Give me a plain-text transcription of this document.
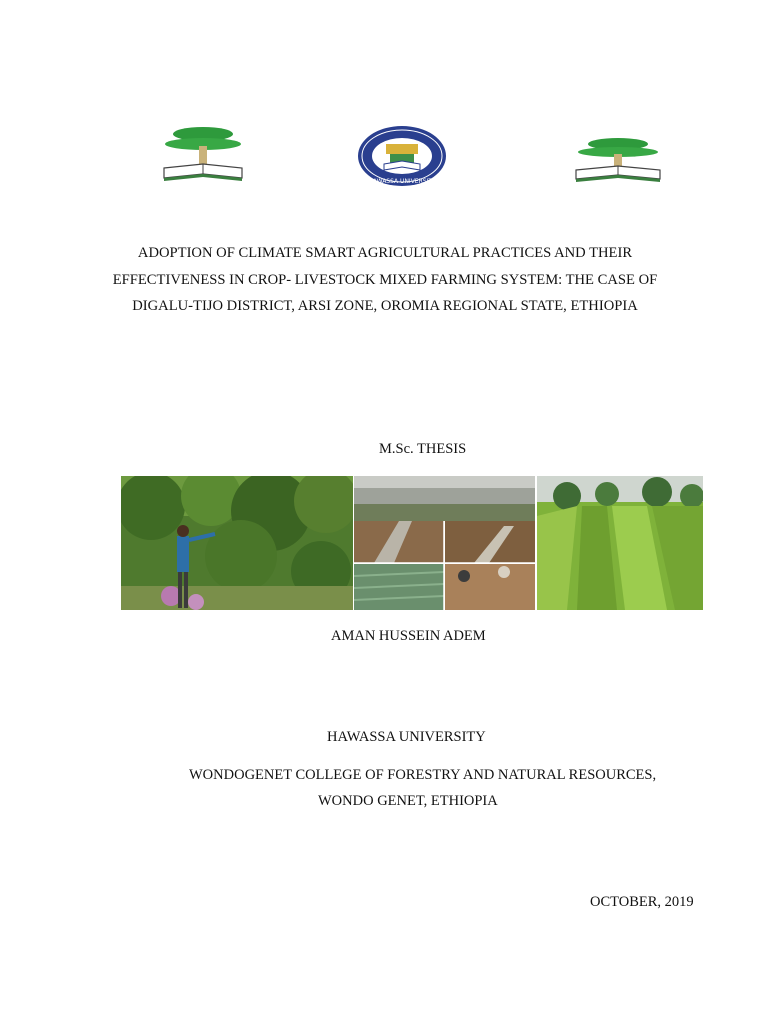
HAWASSA UNIVERSITY
ADOPTION OF CLIMATE SMART AGRICULTURAL PRACTICES AND THEIR
EFFECTIVENESS IN CROP- LIVESTOCK MIXED FARMING SYSTEM: THE CASE OF
DIGALU-TIJO DISTRICT, ARSI ZONE, OROMIA REGIONAL STATE, ETHIOPIA
M.Sc. THESIS
AMAN HUSSEIN ADEM
HAWASSA UNIVERSITY
WONDOGENET COLLEGE OF FORESTRY AND NATURAL RESOURCES,
WONDO GENET, ETHIOPIA
OCTOBER, 2019
